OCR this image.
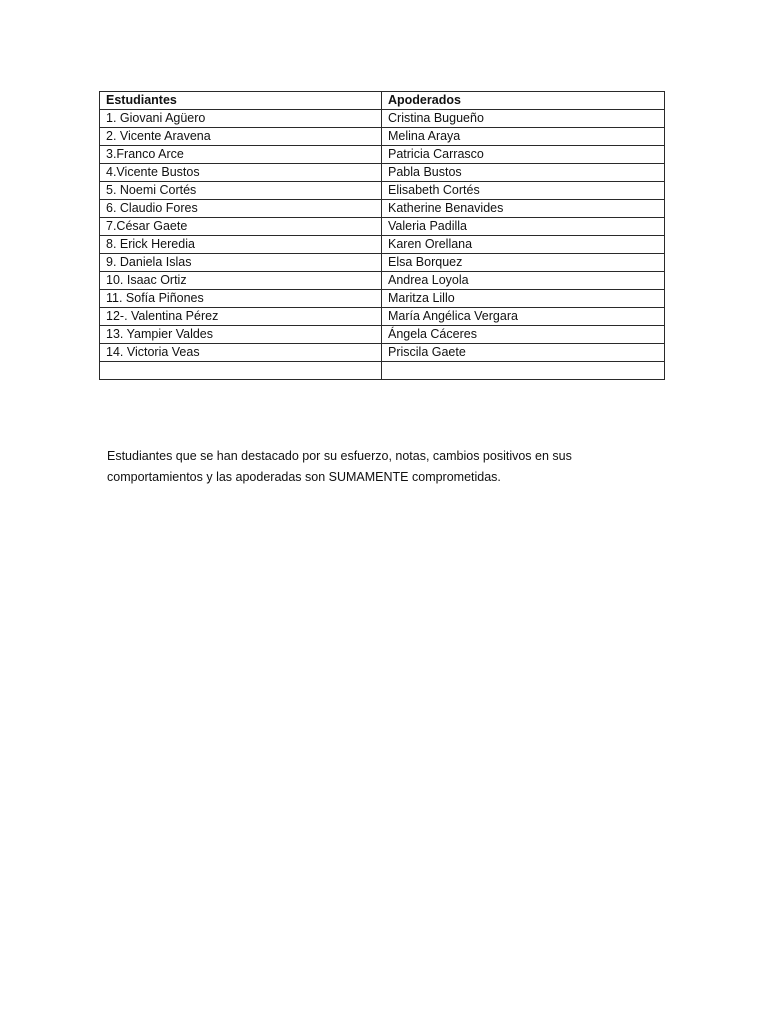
Estudiantes	Apoderados
1. Giovani Agüero	Cristina Bugueño
2. Vicente Aravena	Melina Araya
3.Franco Arce	Patricia Carrasco
4.Vicente Bustos	Pabla Bustos
5. Noemi Cortés	Elisabeth Cortés
6. Claudio Fores	Katherine Benavides
7.César Gaete	Valeria Padilla
8. Erick Heredia	Karen Orellana
9. Daniela Islas	Elsa Borquez
10. Isaac Ortiz	Andrea Loyola
11. Sofía Piñones	Maritza Lillo
12-. Valentina Pérez	María Angélica Vergara
13. Yampier Valdes	Ángela Cáceres
14. Victoria Veas	Priscila Gaete

Estudiantes que se han destacado por su esfuerzo, notas, cambios positivos en sus
comportamientos y las apoderadas son SUMAMENTE comprometidas.
